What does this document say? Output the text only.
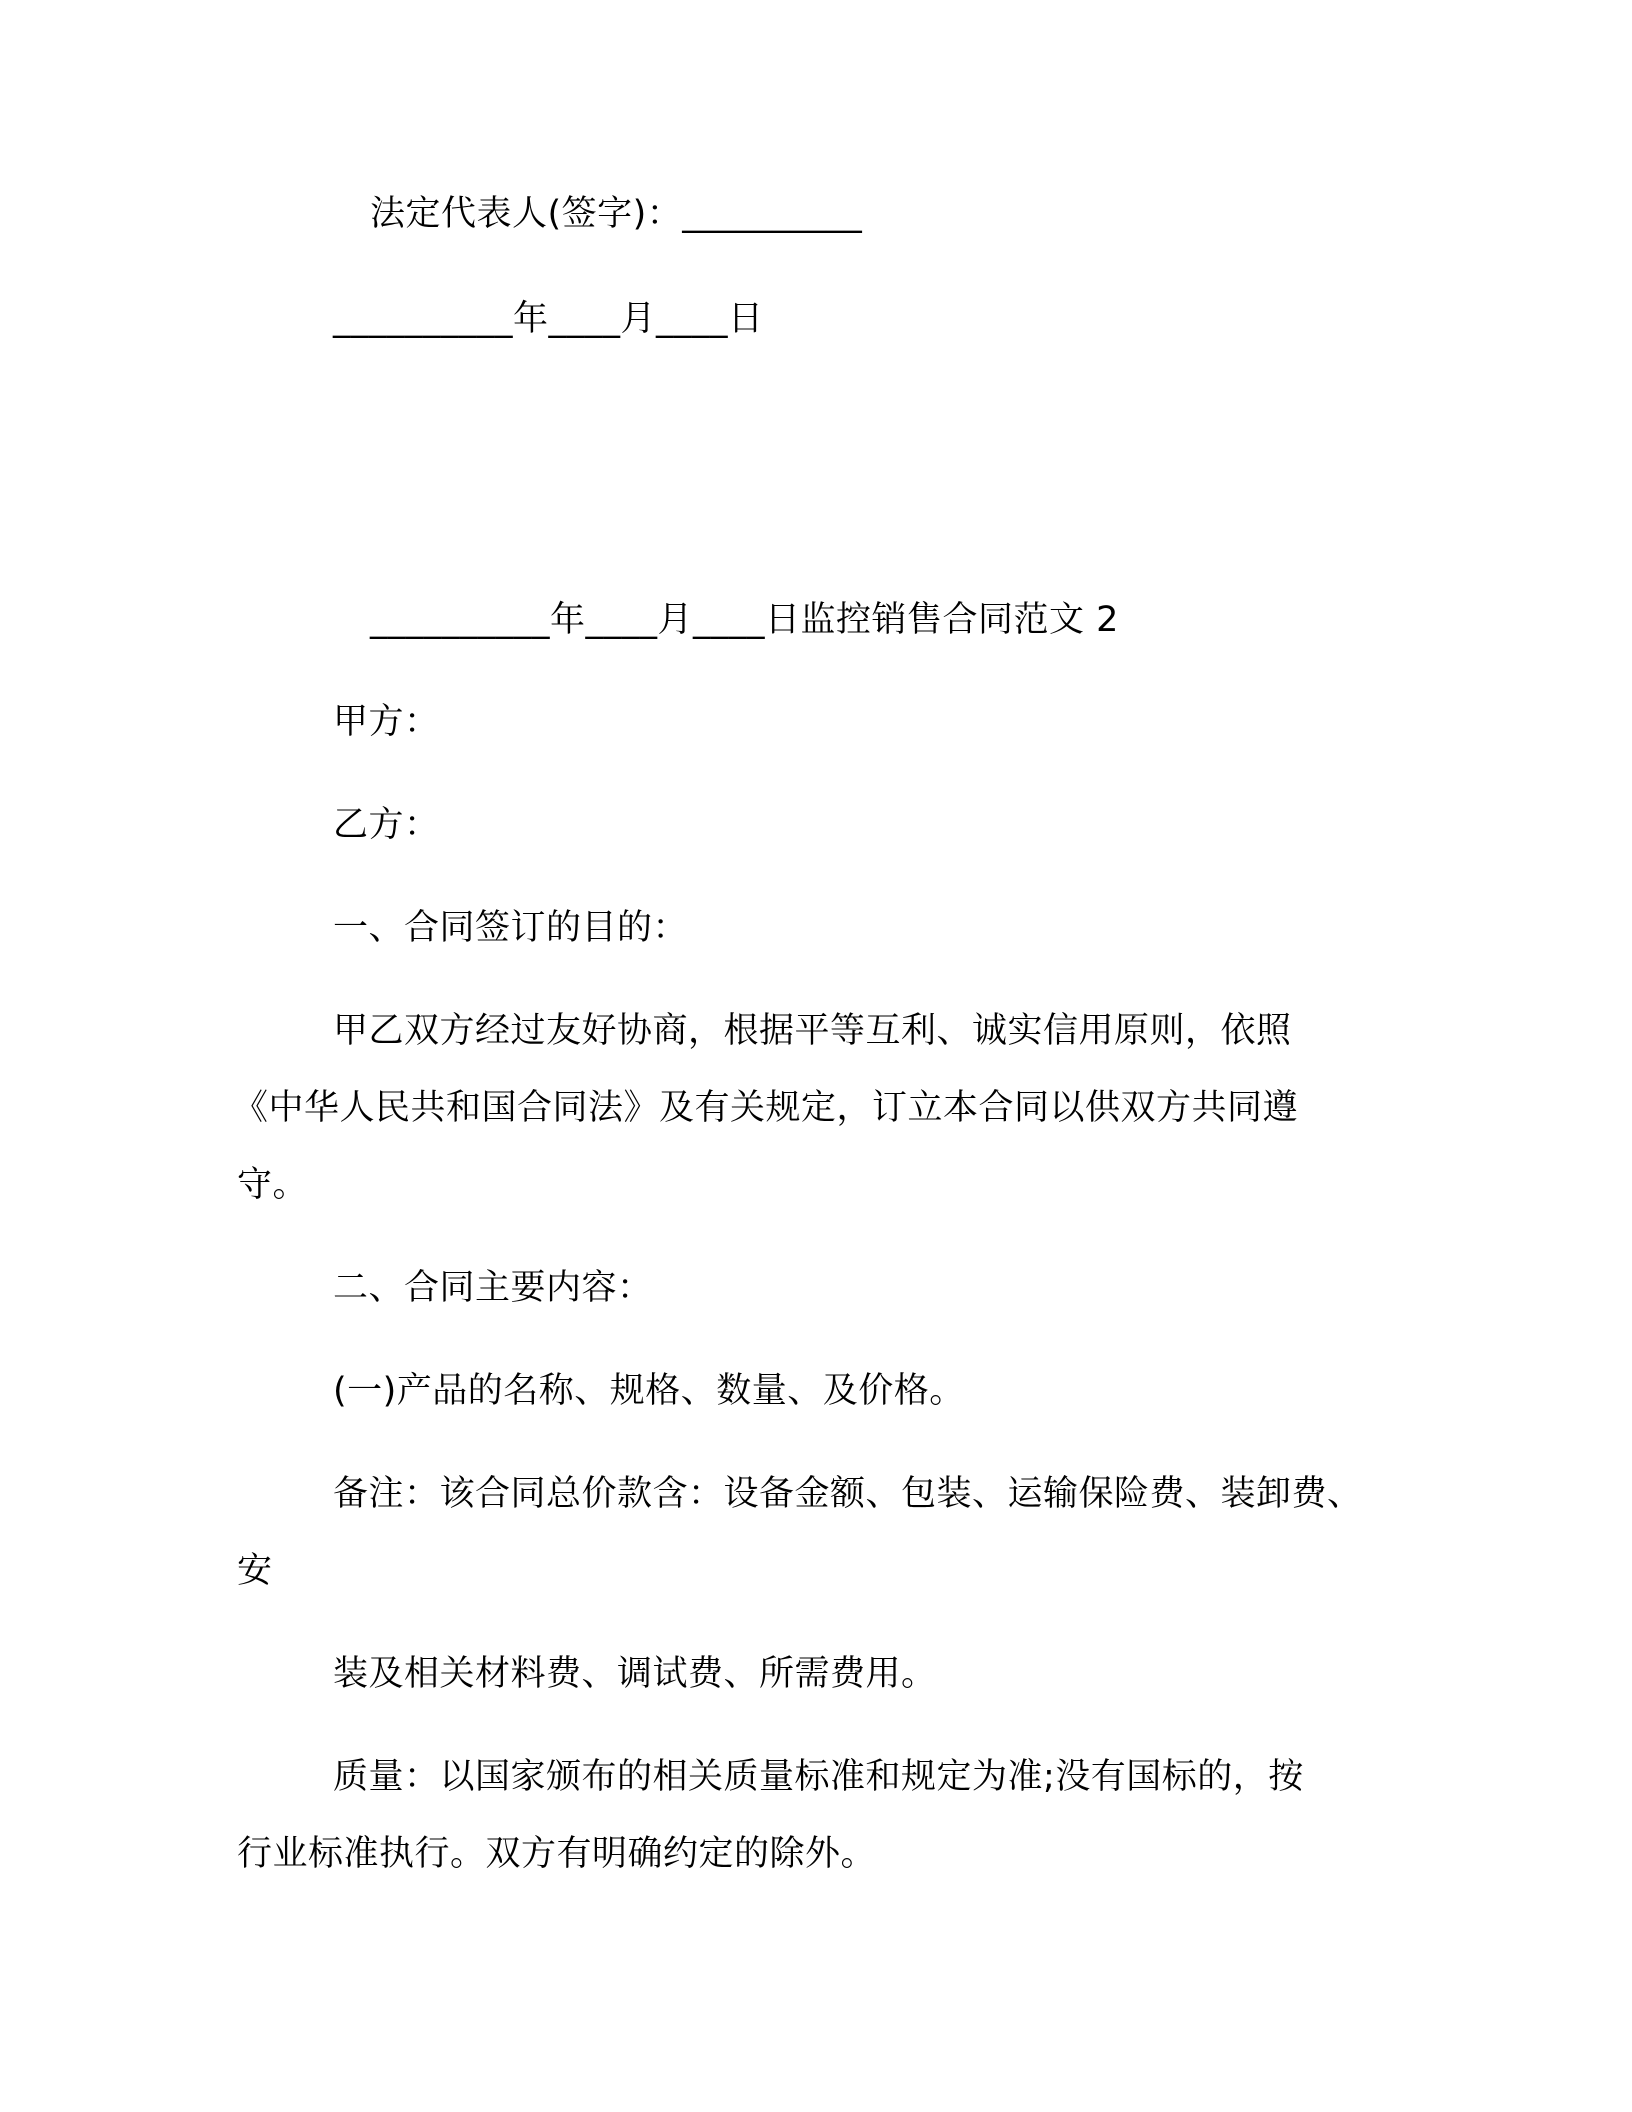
法定代表人(签字)：__________
__________年____月____日
__________年____月____日监控销售合同范文 2
甲方：
乙方：
一、合同签订的目的：
甲乙双方经过友好协商，根据平等互利、诚实信用原则，依照
《中华人民共和国合同法》及有关规定，订立本合同以供双方共同遵
守。
二、合同主要内容：
(一)产品的名称、规格、数量、及价格。
备注：该合同总价款含：设备金额、包装、运输保险费、装卸费、
安
装及相关材料费、调试费、所需费用。
质量：以国家颁布的相关质量标准和规定为准;没有国标的，按
行业标准执行。双方有明确约定的除外。
